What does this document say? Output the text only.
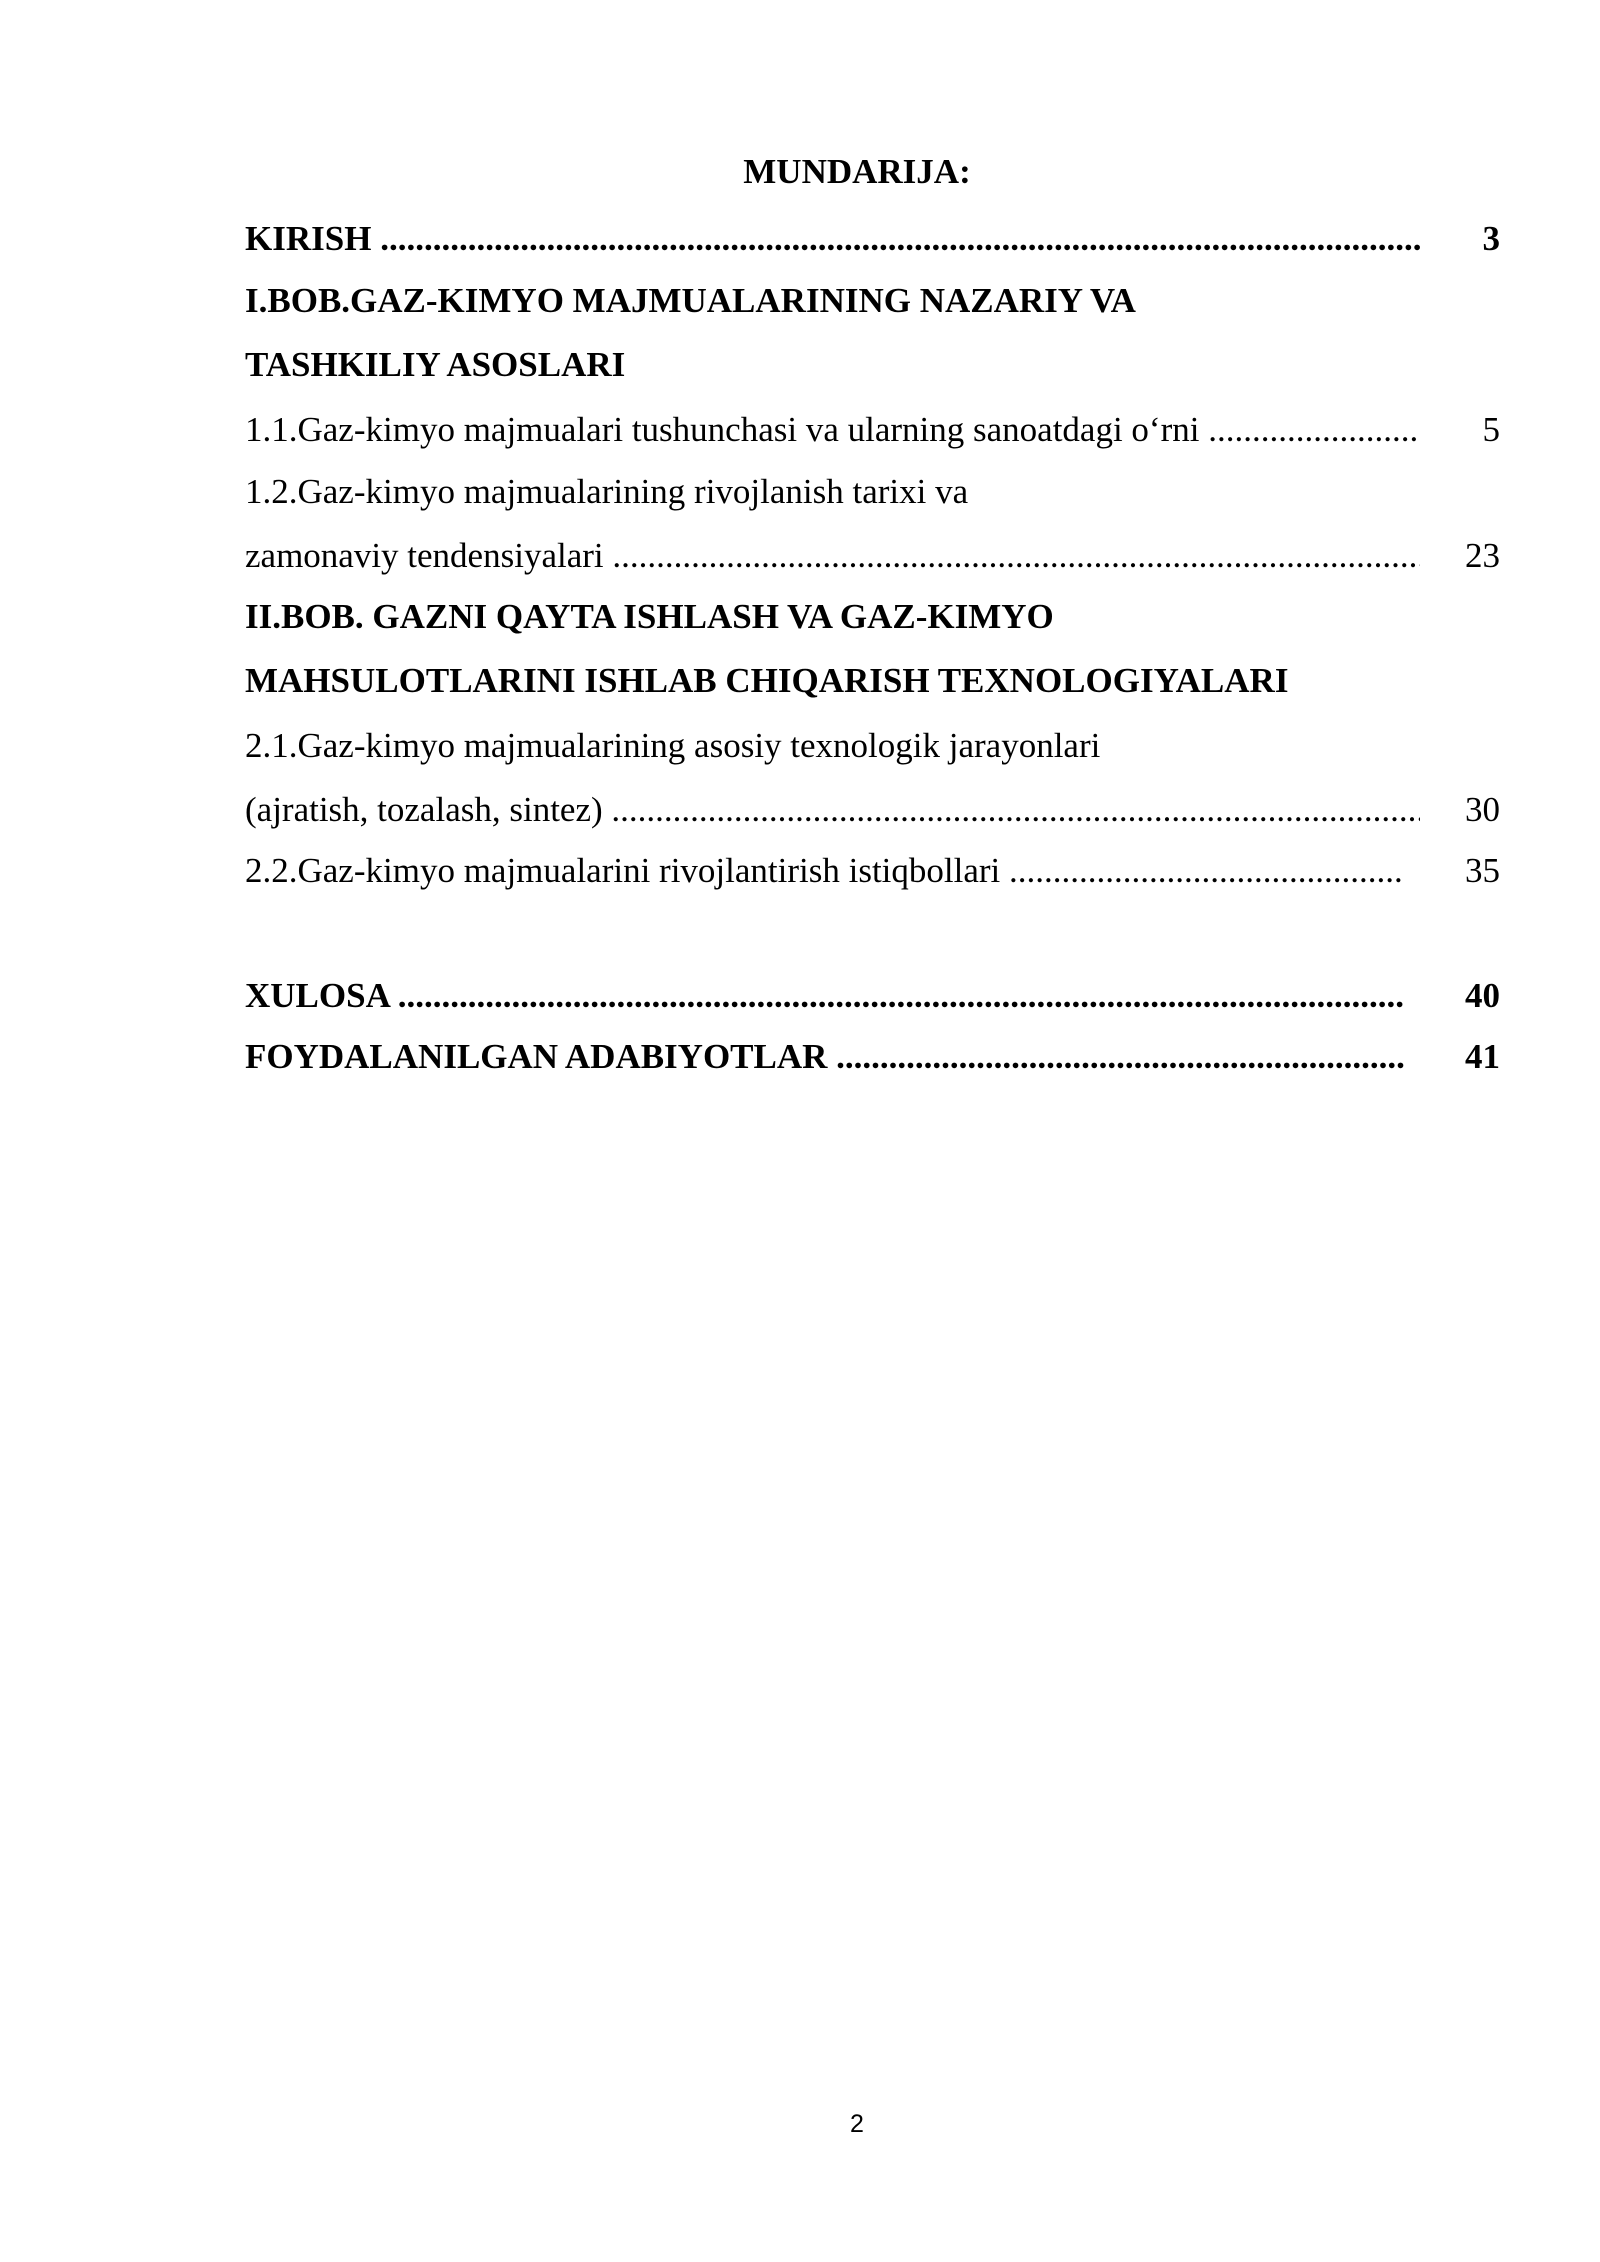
MUNDARIJA:
KIRISH .....	3
I.BOB.GAZ-KIMYO MAJMUALARINING NAZARIY VA
TASHKILIY ASOSLARI
1.1.Gaz-kimyo majmualari tushunchasi va ularning sanoatdagi o‘rni .....	5
1.2.Gaz-kimyo majmualarining rivojlanish tarixi va
zamonaviy tendensiyalari .....	23
II.BOB. GAZNI QAYTA ISHLASH VA GAZ-KIMYO
MAHSULOTLARINI ISHLAB CHIQARISH TEXNOLOGIYALARI
2.1.Gaz-kimyo majmualarining asosiy texnologik jarayonlari
(ajratish, tozalash, sintez) .....	30
2.2.Gaz-kimyo majmualarini rivojlantirish istiqbollari .....	35
XULOSA .....	40
FOYDALANILGAN ADABIYOTLAR .....	41
2
